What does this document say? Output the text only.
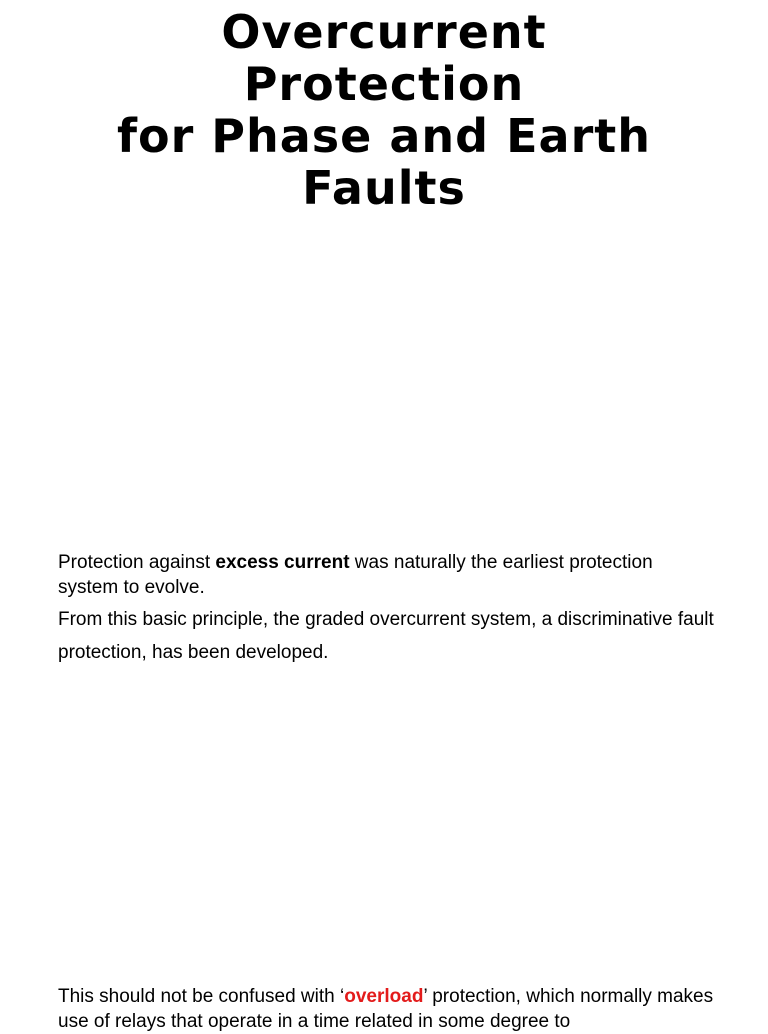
Overcurrent
Protection
for Phase and Earth
Faults

Protection against excess current was naturally the earliest protection system to evolve.

From this basic principle, the graded overcurrent system, a discriminative fault protection, has been developed.

This should not be confused with ‘overload’ protection, which normally makes use of relays that operate in a time related in some degree to
